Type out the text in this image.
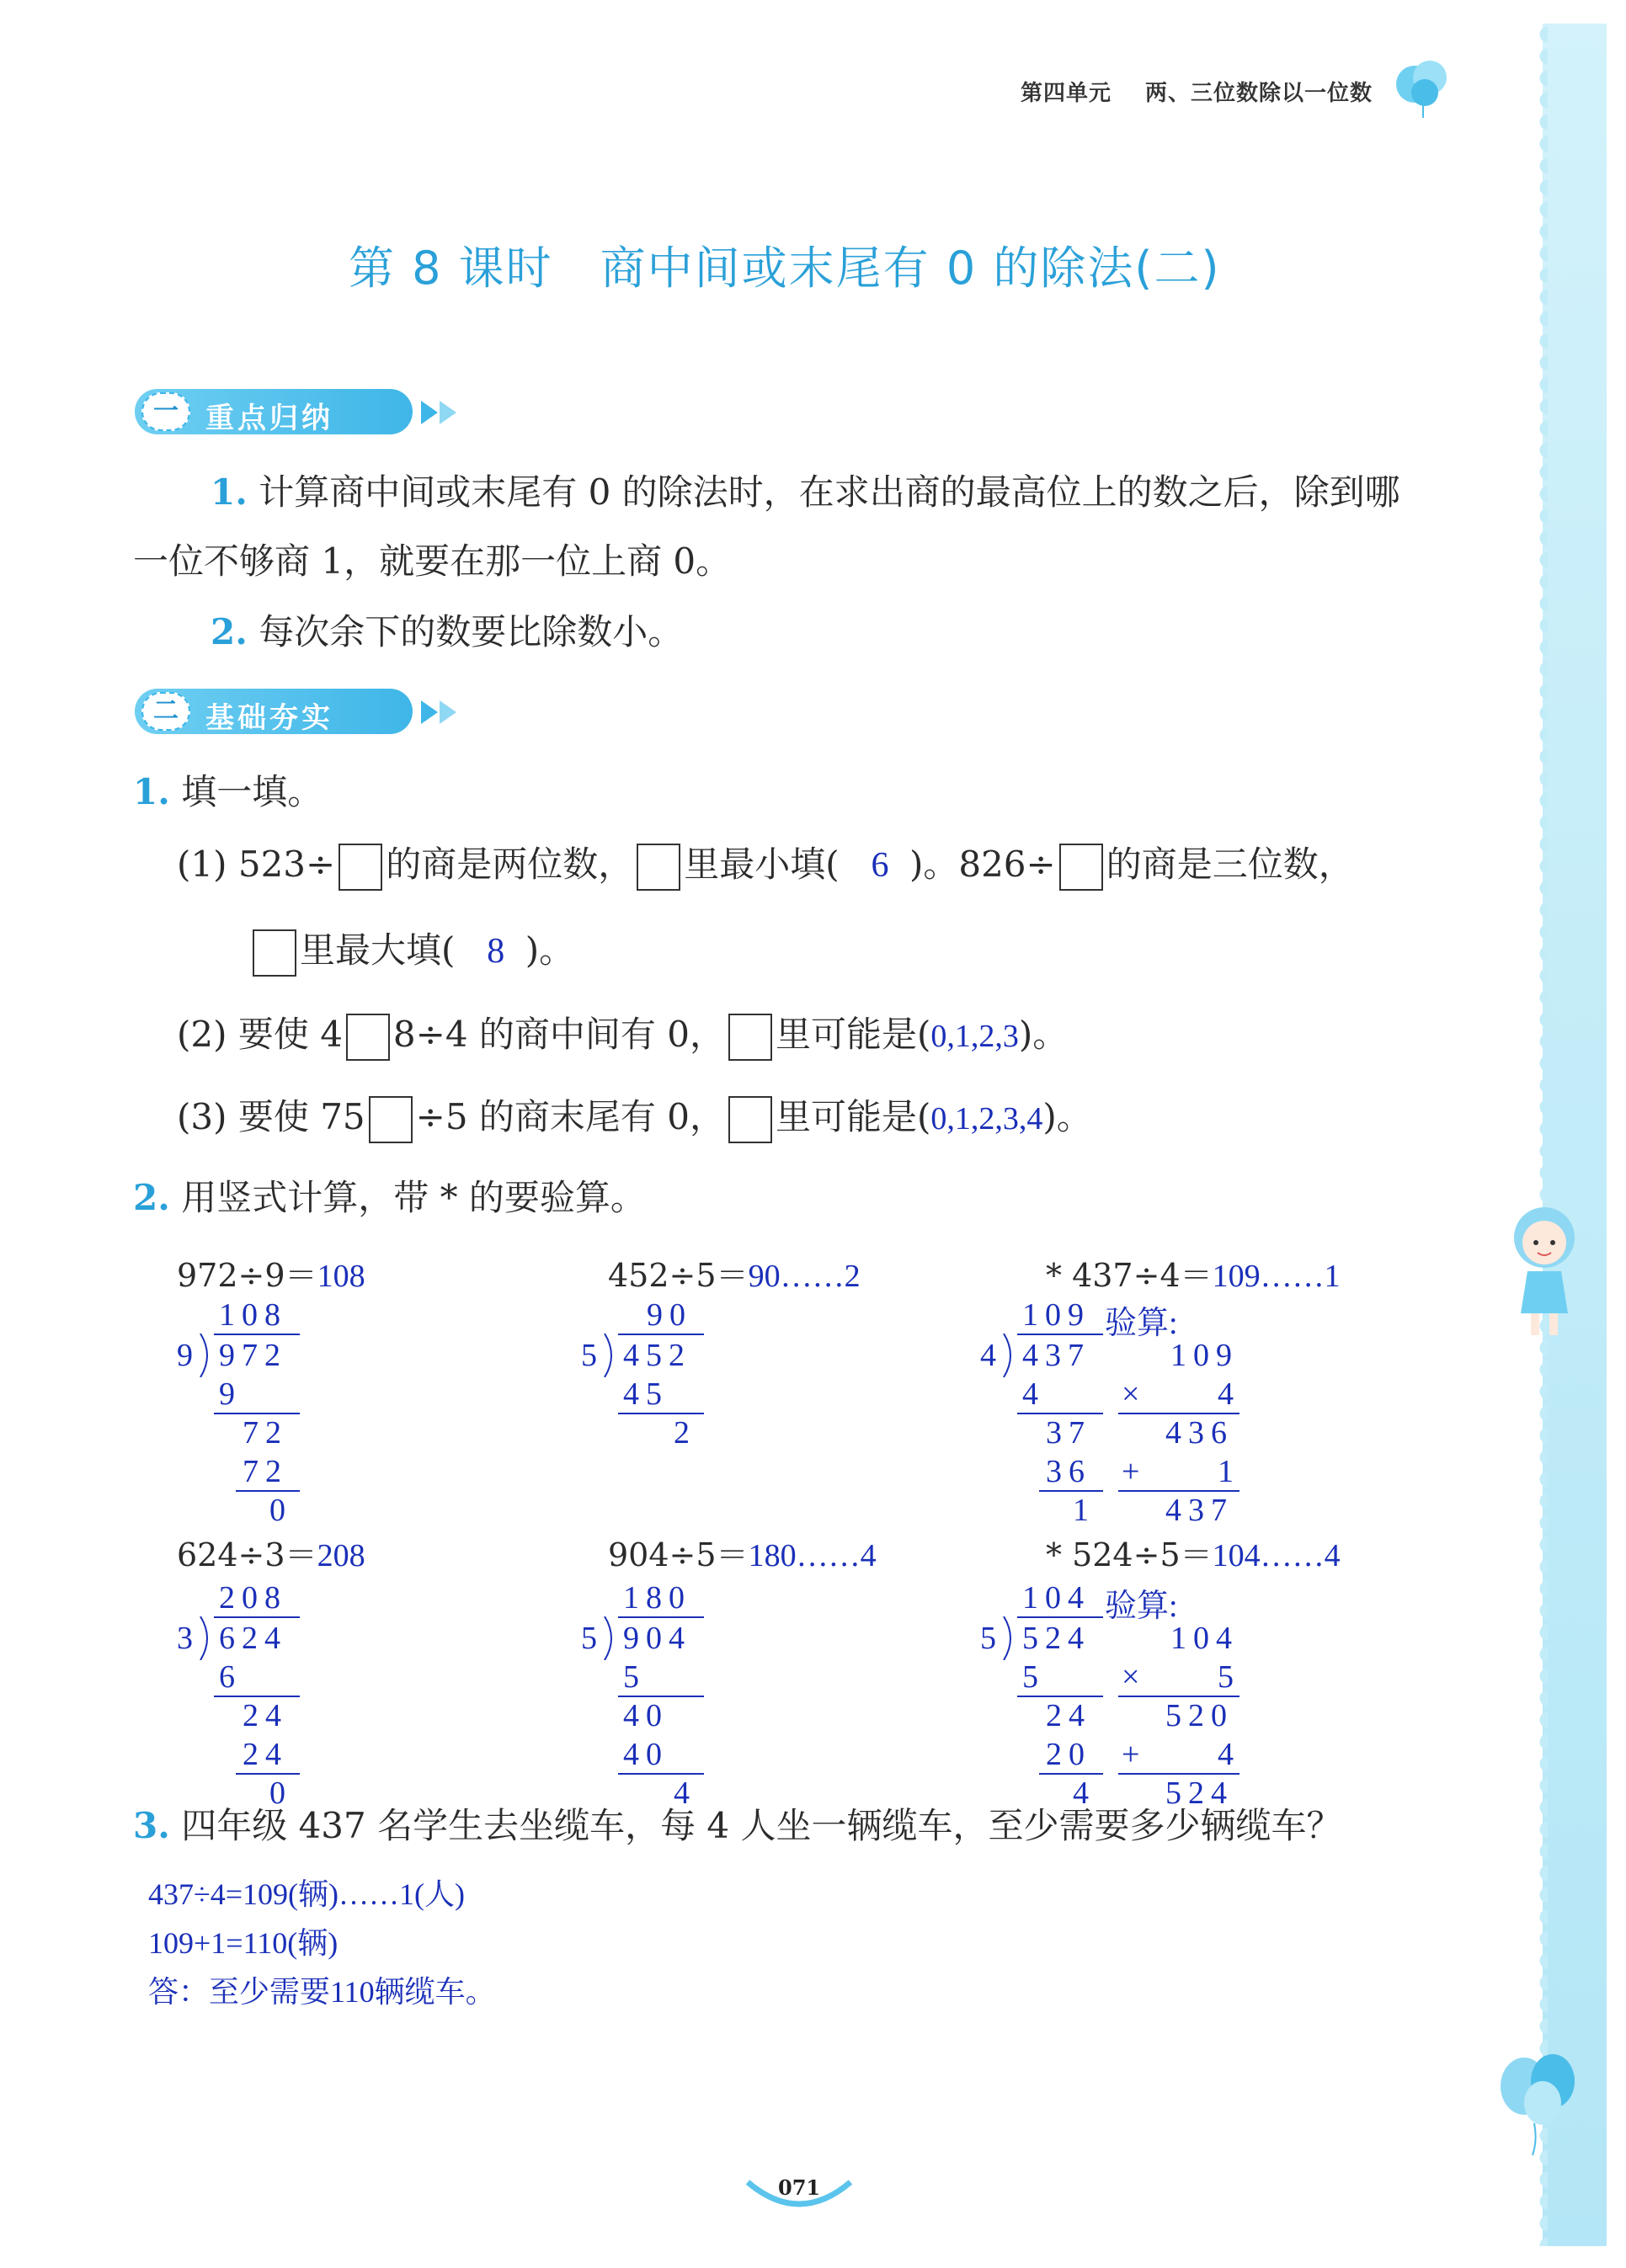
第四单元 两、三位数除以一位数
第 8 课时　商中间或末尾有 0 的除法(二)
一 重点归纳
1. 计算商中间或末尾有 0 的除法时，在求出商的最高位上的数之后，除到哪
一位不够商 1，就要在那一位上商 0。
2. 每次余下的数要比除数小。
二 基础夯实
1. 填一填。
(1) 523÷ 的商是两位数， 里最小填( 6 )。826÷ 的商是三位数，
里最大填( 8 )。
(2) 要使 4 8÷4 的商中间有 0， 里可能是(0,1,2,3)。
(3) 要使 75 ÷5 的商末尾有 0， 里可能是(0,1,2,3,4)。
2. 用竖式计算，带 * 的要验算。
972÷9＝108	452÷5＝90……2	* 437÷4＝109……1
108
9 972
9
72
72
0
90
5 452
45
2
109 验算:
4 437
4
37
36
1
109
× 4
436
+ 1
437
624÷3＝208	904÷5＝180……4	* 524÷5＝104……4
208
3 624
6
24
24
0
180
5 904
5
40
40
4
104 验算:
5 524
5
24
20
4
104
× 5
520
+ 4
524
3. 四年级 437 名学生去坐缆车，每 4 人坐一辆缆车，至少需要多少辆缆车？
437÷4=109(辆)……1(人)
109+1=110(辆)
答：至少需要110辆缆车。
071
